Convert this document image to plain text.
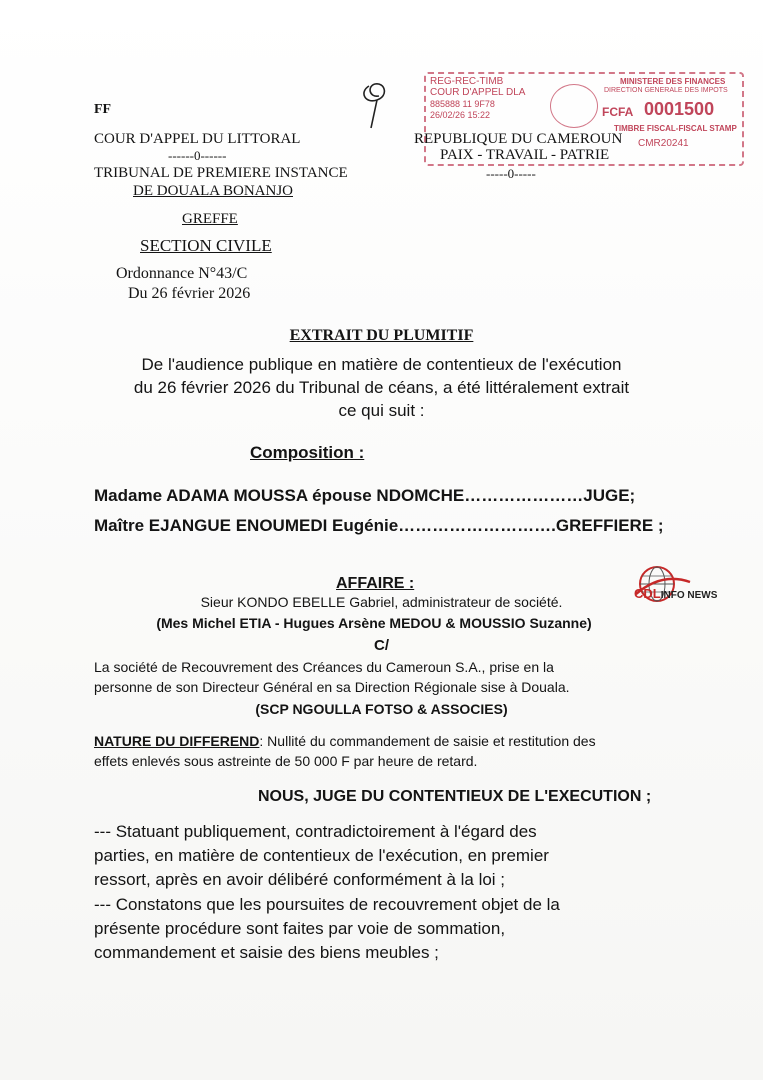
FF
COUR D'APPEL DU LITTORAL
------0------
TRIBUNAL DE PREMIERE INSTANCE
DE DOUALA BONANJO
GREFFE
SECTION CIVILE
Ordonnance N°43/C
Du 26 février 2026
REG-REC-TIMB
COUR D'APPEL DLA
885888 11 9F78
26/02/26 15:22
MINISTERE DES FINANCES
DIRECTION GENERALE DES IMPOTS
FCFA 0001500
TIMBRE FISCAL-FISCAL STAMP
CMR20241
REPUBLIQUE DU CAMEROUN
PAIX - TRAVAIL - PATRIE
-----0-----
EXTRAIT DU PLUMITIF
De l'audience publique en matière de contentieux de l'exécution
du 26 février 2026 du Tribunal de céans, a été littéralement extrait
ce qui suit :
Composition :
Madame ADAMA MOUSSA épouse NDOMCHE…………………JUGE;
Maître EJANGUE ENOUMEDI Eugénie……………………….GREFFIERE ;
CDLINFO NEWS
AFFAIRE :
Sieur KONDO EBELLE Gabriel, administrateur de société.
(Mes Michel ETIA - Hugues Arsène MEDOU & MOUSSIO Suzanne)
C/
La société de Recouvrement des Créances du Cameroun S.A., prise en la
personne de son Directeur Général en sa Direction Régionale sise à Douala.
(SCP NGOULLA FOTSO & ASSOCIES)
NATURE DU DIFFEREND: Nullité du commandement de saisie et restitution des
effets enlevés sous astreinte de 50 000 F par heure de retard.
NOUS, JUGE DU CONTENTIEUX DE L'EXECUTION ;
--- Statuant publiquement, contradictoirement à l'égard des
parties, en matière de contentieux de l'exécution, en premier
ressort, après en avoir délibéré conformément à la loi ;
--- Constatons que les poursuites de recouvrement objet de la
présente procédure sont faites par voie de sommation,
commandement et saisie des biens meubles ;
